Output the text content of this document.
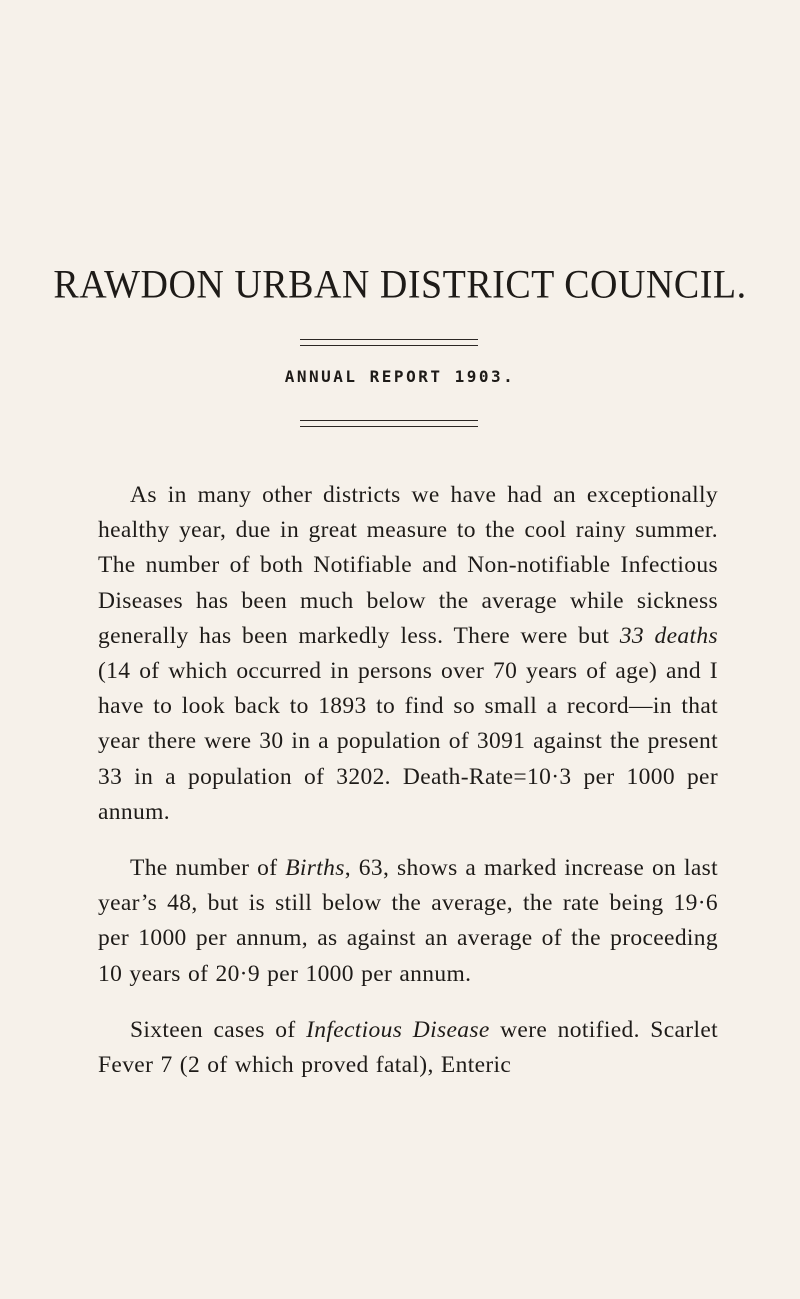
RAWDON URBAN DISTRICT COUNCIL.
ANNUAL REPORT 1903.

As in many other districts we have had an exceptionally healthy year, due in great measure to the cool rainy summer. The number of both Notifiable and Non-notifiable Infectious Diseases has been much below the average while sickness generally has been markedly less. There were but 33 deaths (14 of which occurred in persons over 70 years of age) and I have to look back to 1893 to find so small a record—in that year there were 30 in a population of 3091 against the present 33 in a population of 3202. Death-Rate=10·3 per 1000 per annum.

The number of Births, 63, shows a marked increase on last year’s 48, but is still below the average, the rate being 19·6 per 1000 per annum, as against an average of the proceeding 10 years of 20·9 per 1000 per annum.

Sixteen cases of Infectious Disease were notified. Scarlet Fever 7 (2 of which proved fatal), Enteric
